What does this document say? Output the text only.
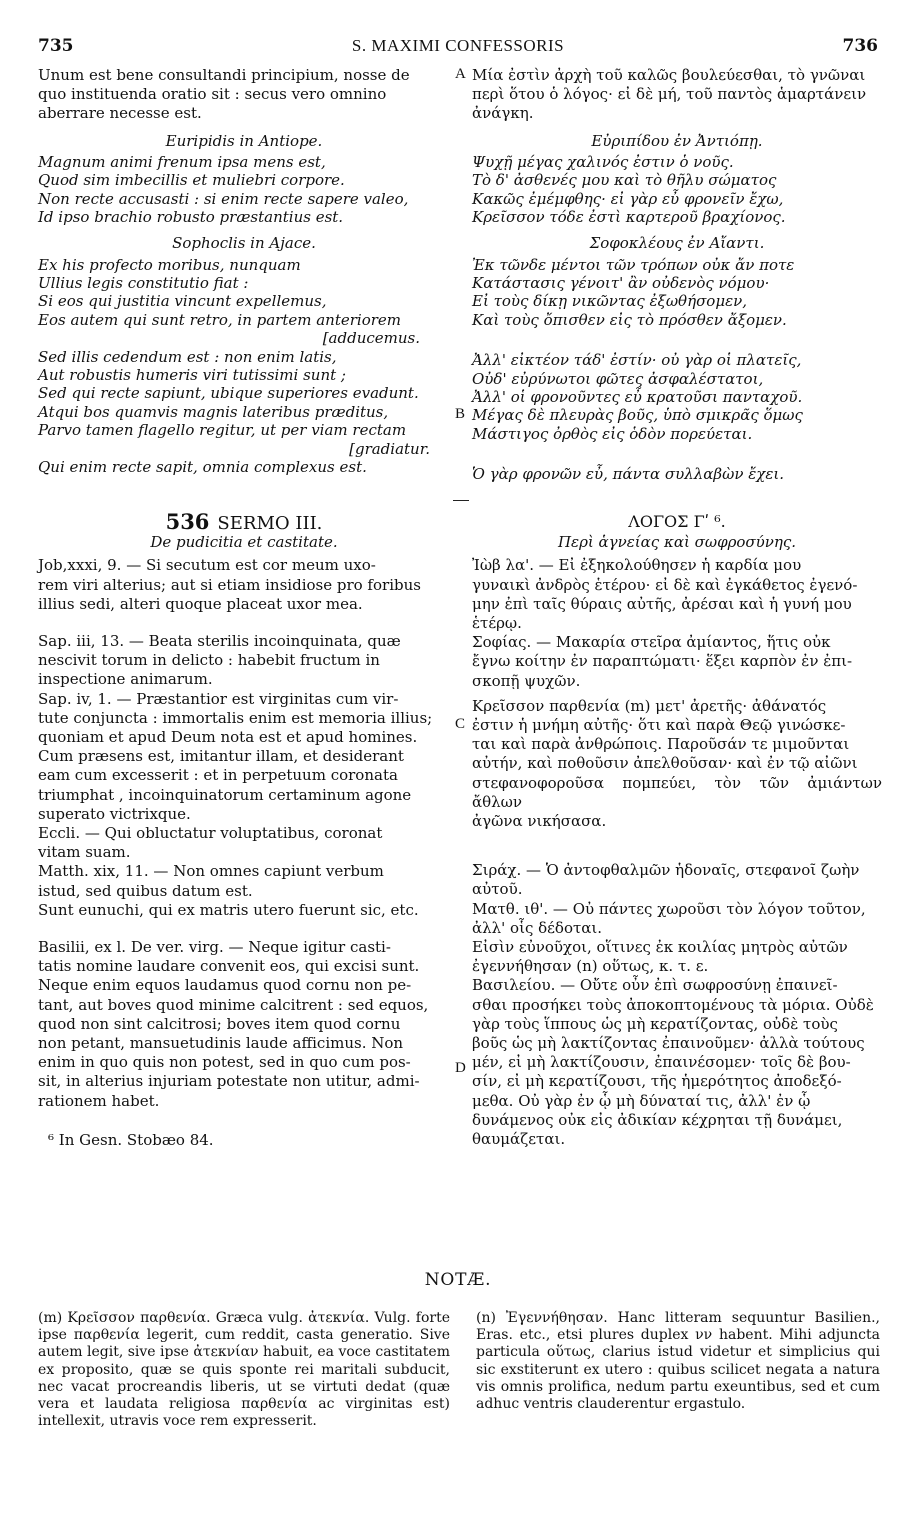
735	S. MAXIMI CONFESSORIS	736
A
B
C
D

Unum est bene consultandi principium, nosse de
quo instituenda oratio sit : secus vero omnino
aberrare necesse est.

Euripidis in Antiope.

Magnum animi frenum ipsa mens est,
Quod sim imbecillis et muliebri corpore.
Non recte accusasti : si enim recte sapere valeo,
Id ipso brachio robusto præstantius est.

Sophoclis in Ajace.

Ex his profecto moribus, nunquam
Ullius legis constitutio fiat :
Si eos qui justitia vincunt expellemus,
Eos autem qui sunt retro, in partem anteriorem

[adducemus.

Sed illis cedendum est : non enim latis,
Aut robustis humeris viri tutissimi sunt ;
Sed qui recte sapiunt, ubique superiores evadunt.
Atqui bos quamvis magnis lateribus præditus,
Parvo tamen flagello regitur, ut per viam rectam

[gradiatur.

Qui enim recte sapit, omnia complexus est.

Μία ἐστὶν ἀρχὴ τοῦ καλῶς βουλεύεσθαι, τὸ γνῶναι
περὶ ὅτου ὁ λόγος· εἰ δὲ μή, τοῦ παντὸς ἁμαρτάνειν
ἀνάγκη.

Εὐριπίδου ἐν Ἀντιόπῃ.

Ψυχῇ μέγας χαλινός ἐστιν ὁ νοῦς.
Τὸ δ' ἀσθενές μου καὶ τὸ θῆλυ σώματος
Κακῶς ἐμέμφθης· εἰ γὰρ εὖ φρονεῖν ἔχω,
Κρεῖσσον τόδε ἐστὶ καρτεροῦ βραχίονος.

Σοφοκλέους ἐν Αἴαντι.

Ἐκ τῶνδε μέντοι τῶν τρόπων οὐκ ἄν ποτε
Κατάστασις γένοιτ' ἂν οὐδενὸς νόμου·
Εἰ τοὺς δίκῃ νικῶντας ἐξωθήσομεν,
Καὶ τοὺς ὄπισθεν εἰς τὸ πρόσθεν ἄξομεν.

Ἀλλ' εἰκτέον τάδ' ἐστίν· οὐ γὰρ οἱ πλατεῖς,
Οὐδ' εὐρύνωτοι φῶτες ἀσφαλέστατοι,
Ἀλλ' οἱ φρονοῦντες εὖ κρατοῦσι πανταχοῦ.
Μέγας δὲ πλευρὰς βοῦς, ὑπὸ σμικρᾶς ὅμως
Μάστιγος ὀρθὸς εἰς ὁδὸν πορεύεται.

Ὁ γὰρ φρονῶν εὖ, πάντα συλλαβὼν ἔχει.

536 SERMO III.

De pudicitia et castitate.

Job,xxxi, 9. — Si secutum est cor meum uxo-
rem viri alterius; aut si etiam insidiose pro foribus
illius sedi, alteri quoque placeat uxor mea.

Sap. iii, 13. — Beata sterilis incoinquinata, quæ
nescivit torum in delicto : habebit fructum in
inspectione animarum.

Sap. iv, 1. — Præstantior est virginitas cum vir-
tute conjuncta : immortalis enim est memoria illius;
quoniam et apud Deum nota est et apud homines.
Cum præsens est, imitantur illam, et desiderant
eam cum excesserit : et in perpetuum coronata
triumphat , incoinquinatorum certaminum agone
superato victrixque.

Eccli. — Qui obluctatur voluptatibus, coronat
vitam suam.

Matth. xix, 11. — Non omnes capiunt verbum
istud, sed quibus datum est.

Sunt eunuchi, qui ex matris utero fuerunt sic, etc.

Basilii, ex l. De ver. virg. — Neque igitur casti-
tatis nomine laudare convenit eos, qui excisi sunt.
Neque enim equos laudamus quod cornu non pe-
tant, aut boves quod minime calcitrent : sed equos,
quod non sint calcitrosi; boves item quod cornu
non petant, mansuetudinis laude afficimus. Non
enim in quo quis non potest, sed in quo cum pos-
sit, in alterius injuriam potestate non utitur, admi-
rationem habet.

⁶ In Gesn. Stobæo 84.

ΛΟΓΟΣ Γʹ ⁶.

Περὶ ἁγνείας καὶ σωφροσύνης.

Ἰὼβ λα'. — Εἰ ἐξηκολούθησεν ἡ καρδία μου
γυναικὶ ἀνδρὸς ἑτέρου· εἰ δὲ καὶ ἐγκάθετος ἐγενό-
μην ἐπὶ ταῖς θύραις αὐτῆς, ἀρέσαι καὶ ἡ γυνή μου
ἑτέρῳ.

Σοφίας. — Μακαρία στεῖρα ἀμίαντος, ἥτις οὐκ
ἔγνω κοίτην ἐν παραπτώματι· ἕξει καρπὸν ἐν ἐπι-
σκοπῇ ψυχῶν.

Κρεῖσσον παρθενία (m) μετ' ἀρετῆς· ἀθάνατός
ἐστιν ἡ μνήμη αὐτῆς· ὅτι καὶ παρὰ Θεῷ γινώσκε-
ται καὶ παρὰ ἀνθρώποις. Παροῦσάν τε μιμοῦνται
αὐτήν, καὶ ποθοῦσιν ἀπελθοῦσαν· καὶ ἐν τῷ αἰῶνι
στεφανοφοροῦσα πομπεύει, τὸν τῶν ἀμιάντων ἄθλων
ἀγῶνα νικήσασα.

Σιράχ. — Ὁ ἀντοφθαλμῶν ἡδοναῖς, στεφανοῖ ζωὴν
αὐτοῦ.

Ματθ. ιθ'. — Οὐ πάντες χωροῦσι τὸν λόγον τοῦτον,
ἀλλ' οἷς δέδοται.

Εἰσὶν εὐνοῦχοι, οἵτινες ἐκ κοιλίας μητρὸς αὐτῶν
ἐγεννήθησαν (n) οὕτως, κ. τ. ε.

Βασιλείου. — Οὔτε οὖν ἐπὶ σωφροσύνῃ ἐπαινεῖ-
σθαι προσήκει τοὺς ἀποκοπτομένους τὰ μόρια. Οὐδὲ
γὰρ τοὺς ἵππους ὡς μὴ κερατίζοντας, οὐδὲ τοὺς
βοῦς ὡς μὴ λακτίζοντας ἐπαινοῦμεν· ἀλλὰ τούτους
μέν, εἰ μὴ λακτίζουσιν, ἐπαινέσομεν· τοῖς δὲ βου-
σίν, εἰ μὴ κερατίζουσι, τῆς ἡμερότητος ἀποδεξό-
μεθα. Οὐ γὰρ ἐν ᾧ μὴ δύναταί τις, ἀλλ' ἐν ᾧ
δυνάμενος οὐκ εἰς ἀδικίαν κέχρηται τῇ δυνάμει,
θαυμάζεται.

NOTÆ.
(m) Κρεῖσσον παρθενία. Græca vulg. ἀτεκνία. Vulg. forte ipse παρθενία legerit, cum reddit, casta generatio. Sive autem legit, sive ipse ἀτεκνίαν habuit, ea voce castitatem ex proposito, quæ se quis sponte rei maritali subducit, nec vacat procreandis liberis, ut se virtuti dedat (quæ vera et laudata religiosa παρθενία ac virginitas est) intellexit, utravis voce rem expresserit.
(n) Ἐγεννήθησαν. Hanc litteram sequuntur Basilien., Eras. etc., etsi plures duplex νν habent. Mihi adjuncta particula οὕτως, clarius istud videtur et simplicius qui sic exstiterunt ex utero : quibus scilicet negata a natura vis omnis prolifica, nedum partu exeuntibus, sed et cum adhuc ventris clauderentur ergastulo.
